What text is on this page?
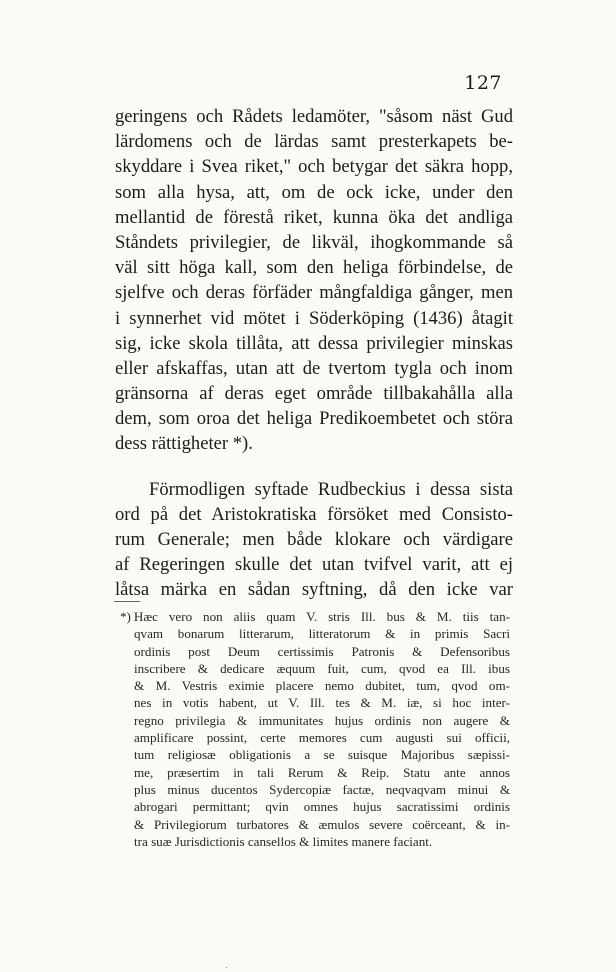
127
geringens och Rådets ledamöter, "såsom näst Gud
lärdomens och de lärdas samt presterkapets be-
skyddare i Svea riket," och betygar det säkra hopp,
som alla hysa, att, om de ock icke, under den
mellantid de förestå riket, kunna öka det andliga
Ståndets privilegier, de likväl, ihogkommande så
väl sitt höga kall, som den heliga förbindelse, de
sjelfve och deras förfäder mångfaldiga gånger, men
i synnerhet vid mötet i Söderköping (1436) åtagit
sig, icke skola tillåta, att dessa privilegier minskas
eller afskaffas, utan att de tvertom tygla och inom
gränsorna af deras eget område tillbakahålla alla
dem, som oroa det heliga Predikoembetet och störa
dess rättigheter *).
Förmodligen syftade Rudbeckius i dessa sista
ord på det Aristokratiska försöket med Consisto-
rum Generale; men både klokare och värdigare
af Regeringen skulle det utan tvifvel varit, att ej
låtsa märka en sådan syftning, då den icke var
*) Hæc vero non aliis quam V. stris Ill. bus & M. tiis tan-
qvam bonarum litterarum, litteratorum & in primis Sacri
ordinis post Deum certissimis Patronis & Defensoribus
inscribere & dedicare æquum fuit, cum, qvod ea Ill. ibus
& M. Vestris eximie placere nemo dubitet, tum, qvod om-
nes in votis habent, ut V. Ill. tes & M. iæ, si hoc inter-
regno privilegia & immunitates hujus ordinis non augere &
amplificare possint, certe memores cum augusti sui officii,
tum religiosæ obligationis a se suisque Majoribus sæpissi-
me, præsertim in tali Rerum & Reip. Statu ante annos
plus minus ducentos Sydercopiæ factæ, neqvaqvam minui &
abrogari permittant; qvin omnes hujus sacratissimi ordinis
& Privilegiorum turbatores & æmulos severe coërceant, & in-
tra suæ Jurisdictionis cansellos & limites manere faciant.
